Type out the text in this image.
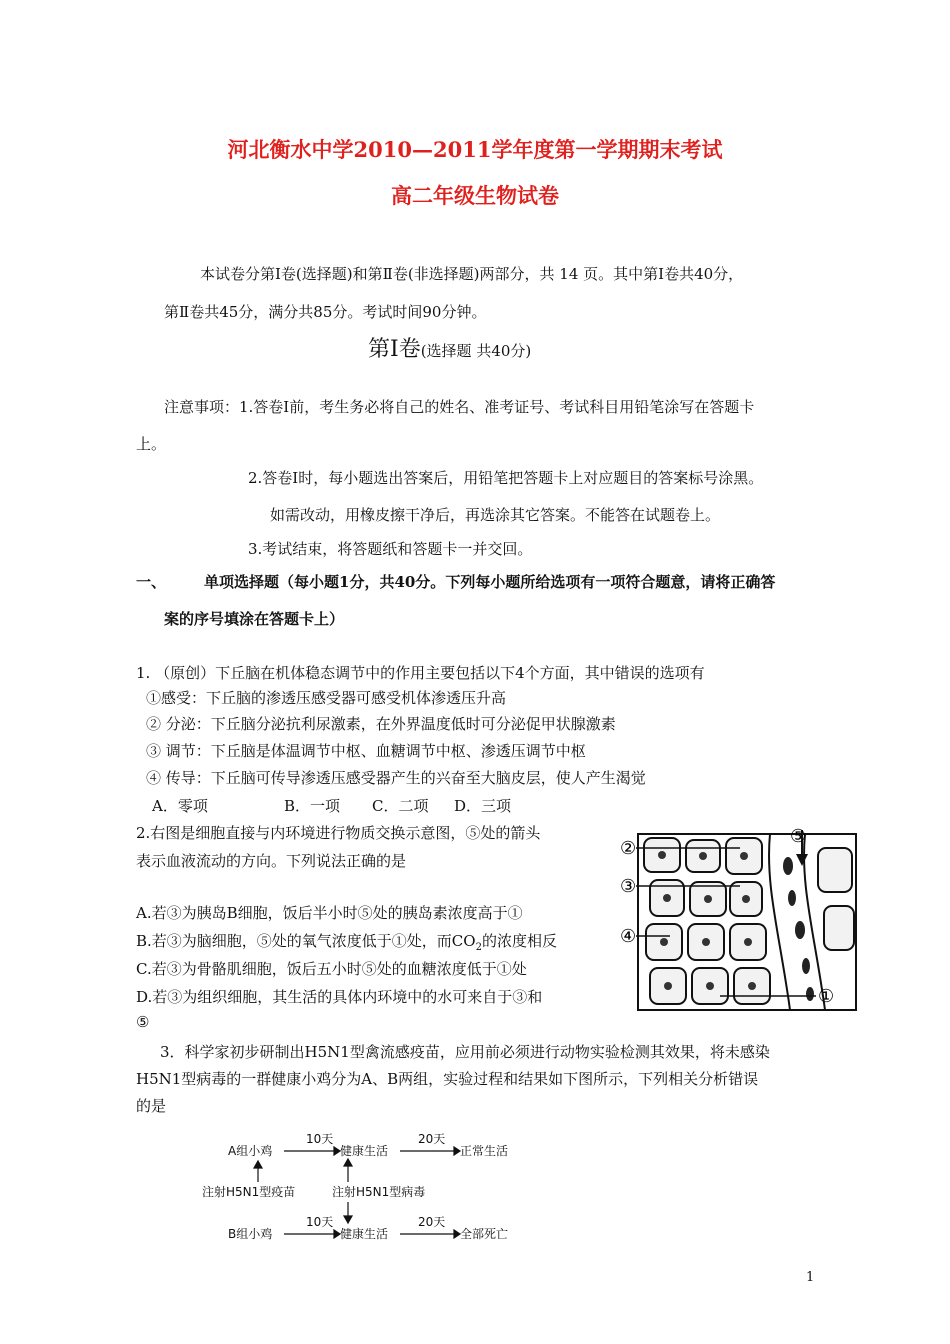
河北衡水中学2010—2011学年度第一学期期末考试
高二年级生物试卷
本试卷分第Ⅰ卷(选择题)和第Ⅱ卷(非选择题)两部分，共 14 页。其中第Ⅰ卷共40分，
第Ⅱ卷共45分，满分共85分。考试时间90分钟。
第Ⅰ卷(选择题 共40分)
注意事项：1.答卷Ⅰ前，考生务必将自己的姓名、准考证号、考试科目用铅笔涂写在答题卡
上。
2.答卷Ⅰ时，每小题选出答案后，用铅笔把答题卡上对应题目的答案标号涂黑。
如需改动，用橡皮擦干净后，再选涂其它答案。不能答在试题卷上。
3.考试结束，将答题纸和答题卡一并交回。
一、	单项选择题（每小题1分，共40分。下列每小题所给选项有一项符合题意，请将正确答
案的序号填涂在答题卡上）
1. （原创）下丘脑在机体稳态调节中的作用主要包括以下4个方面，其中错误的选项有
①感受：下丘脑的渗透压感受器可感受机体渗透压升高
② 分泌：下丘脑分泌抗利尿激素，在外界温度低时可分泌促甲状腺激素
③ 调节：下丘脑是体温调节中枢、血糖调节中枢、渗透压调节中枢
④ 传导：下丘脑可传导渗透压感受器产生的兴奋至大脑皮层，使人产生渴觉
A．零项	B．一项 C．二项 D．三项
2.右图是细胞直接与内环境进行物质交换示意图，⑤处的箭头
表示血液流动的方向。下列说法正确的是
A.若③为胰岛B细胞，饭后半小时⑤处的胰岛素浓度高于①
B.若③为脑细胞，⑤处的氧气浓度低于①处，而$CO_2$的浓度相反
C.若③为骨骼肌细胞，饭后五小时⑤处的血糖浓度低于①处
D.若③为组织细胞，其生活的具体内环境中的水可来自于③和
⑤
②
③
④
⑤
①
3．科学家初步研制出H5N1型禽流感疫苗，应用前必须进行动物实验检测其效果，将未感染
H5N1型病毒的一群健康小鸡分为A、B两组，实验过程和结果如下图所示，下列相关分析错误
的是
A组小鸡
10天
健康生活
20天
正常生活
注射H5N1型疫苗	注射H5N1型病毒
B组小鸡
10天
健康生活
20天
全部死亡
1
